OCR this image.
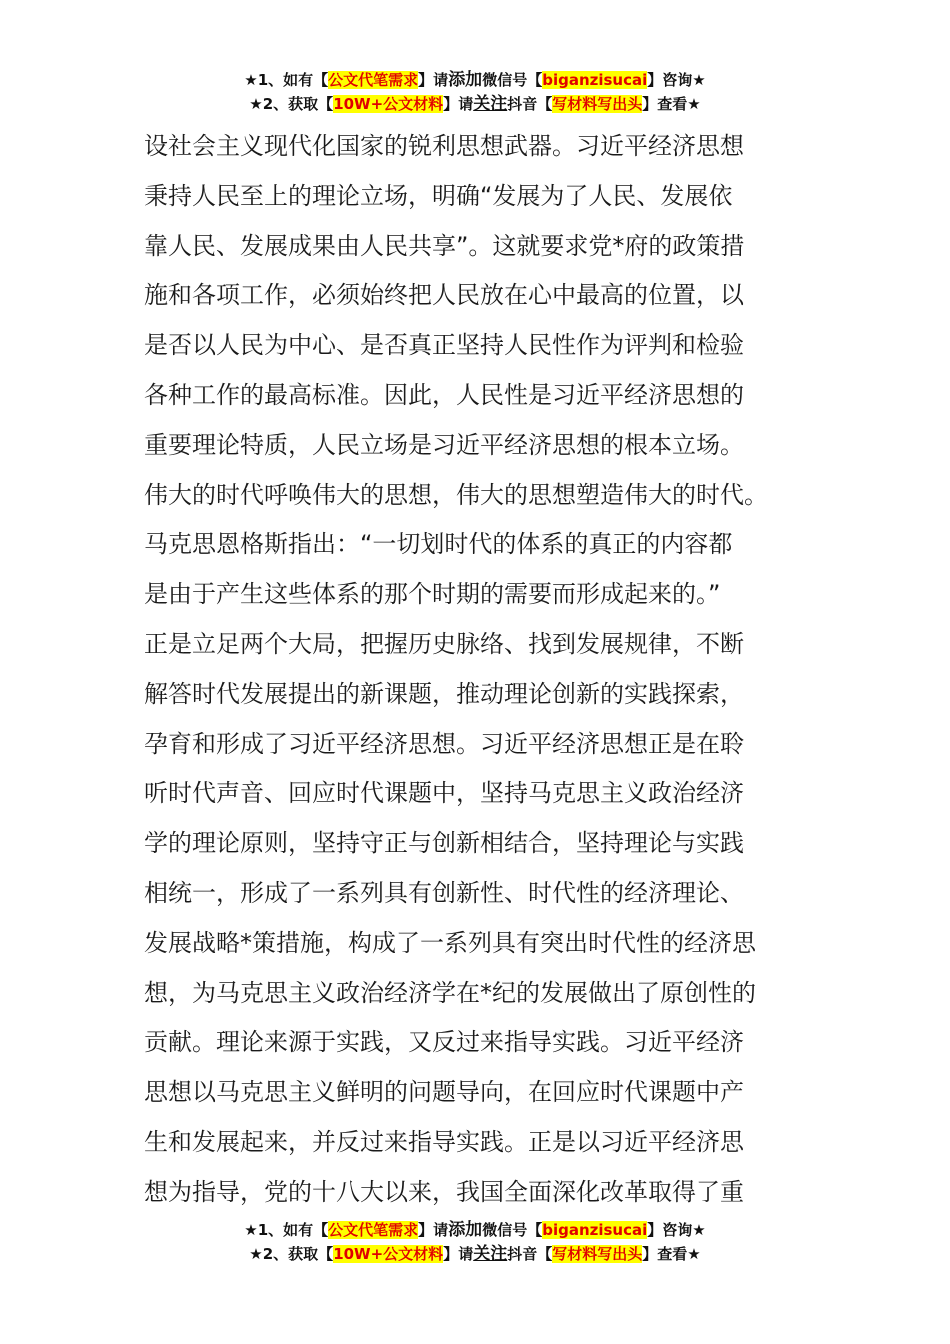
★1、如有【公文代笔需求】请添加微信号【biganzisucai】咨询★
★2、获取【10W+公文材料】请关注抖音【写材料写出头】查看★
设社会主义现代化国家的锐利思想武器。习近平经济思想
秉持人民至上的理论立场，明确“发展为了人民、发展依
靠人民、发展成果由人民共享”。这就要求党*府的政策措
施和各项工作，必须始终把人民放在心中最高的位置，以
是否以人民为中心、是否真正坚持人民性作为评判和检验
各种工作的最高标准。因此，人民性是习近平经济思想的
重要理论特质，人民立场是习近平经济思想的根本立场。
伟大的时代呼唤伟大的思想，伟大的思想塑造伟大的时代。
马克思恩格斯指出：“一切划时代的体系的真正的内容都
是由于产生这些体系的那个时期的需要而形成起来的。”
正是立足两个大局，把握历史脉络、找到发展规律，不断
解答时代发展提出的新课题，推动理论创新的实践探索，
孕育和形成了习近平经济思想。习近平经济思想正是在聆
听时代声音、回应时代课题中，坚持马克思主义政治经济
学的理论原则，坚持守正与创新相结合，坚持理论与实践
相统一，形成了一系列具有创新性、时代性的经济理论、
发展战略*策措施，构成了一系列具有突出时代性的经济思
想，为马克思主义政治经济学在*纪的发展做出了原创性的
贡献。理论来源于实践，又反过来指导实践。习近平经济
思想以马克思主义鲜明的问题导向，在回应时代课题中产
生和发展起来，并反过来指导实践。正是以习近平经济思
想为指导，党的十八大以来，我国全面深化改革取得了重
★1、如有【公文代笔需求】请添加微信号【biganzisucai】咨询★
★2、获取【10W+公文材料】请关注抖音【写材料写出头】查看★
